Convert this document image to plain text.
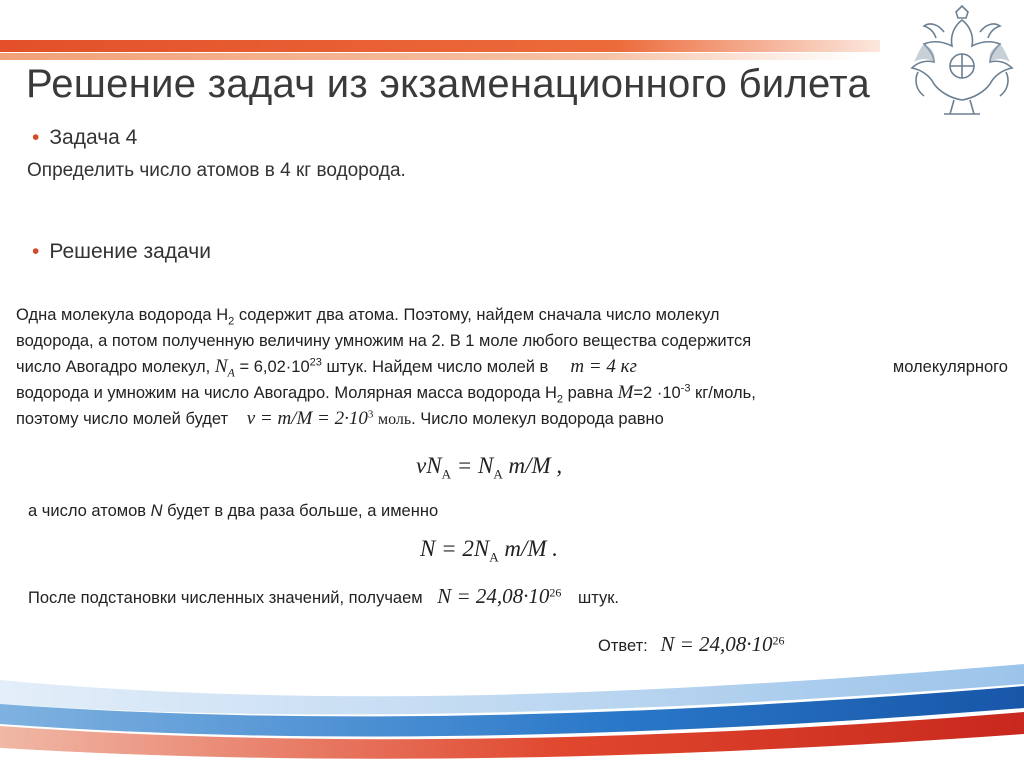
Решение задач из экзаменационного билета
• Задача 4
Определить число атомов в 4 кг водорода.
• Решение задачи
Одна молекула водорода $Н_2$ содержит два атома. Поэтому, найдем сначала число молекул
водорода, а потом полученную величину умножим на 2. В 1 моле любого вещества содержится
число Авогадро молекул, $N_A = 6,02\cdot 10^{23}$ штук. Найдем число молей в m = 4 кг	молекулярного
водорода и умножим на число Авогадро. Молярная масса водорода $Н_2$ равна $M=2 \cdot 10^{-3}$ кг/моль,
поэтому число молей будет $\nu = m/M = 2\cdot 10^3$ моль. Число молекул водорода равно
$\nu N_A = N_A$ m/M ,
а число атомов N будет в два раза больше, а именно
$N = 2N_A$ m/M .
После подстановки численных значений, получаем $N = 24,08\cdot 10^{26}$ штук.
Ответ: $N = 24,08\cdot 10^{26}$
